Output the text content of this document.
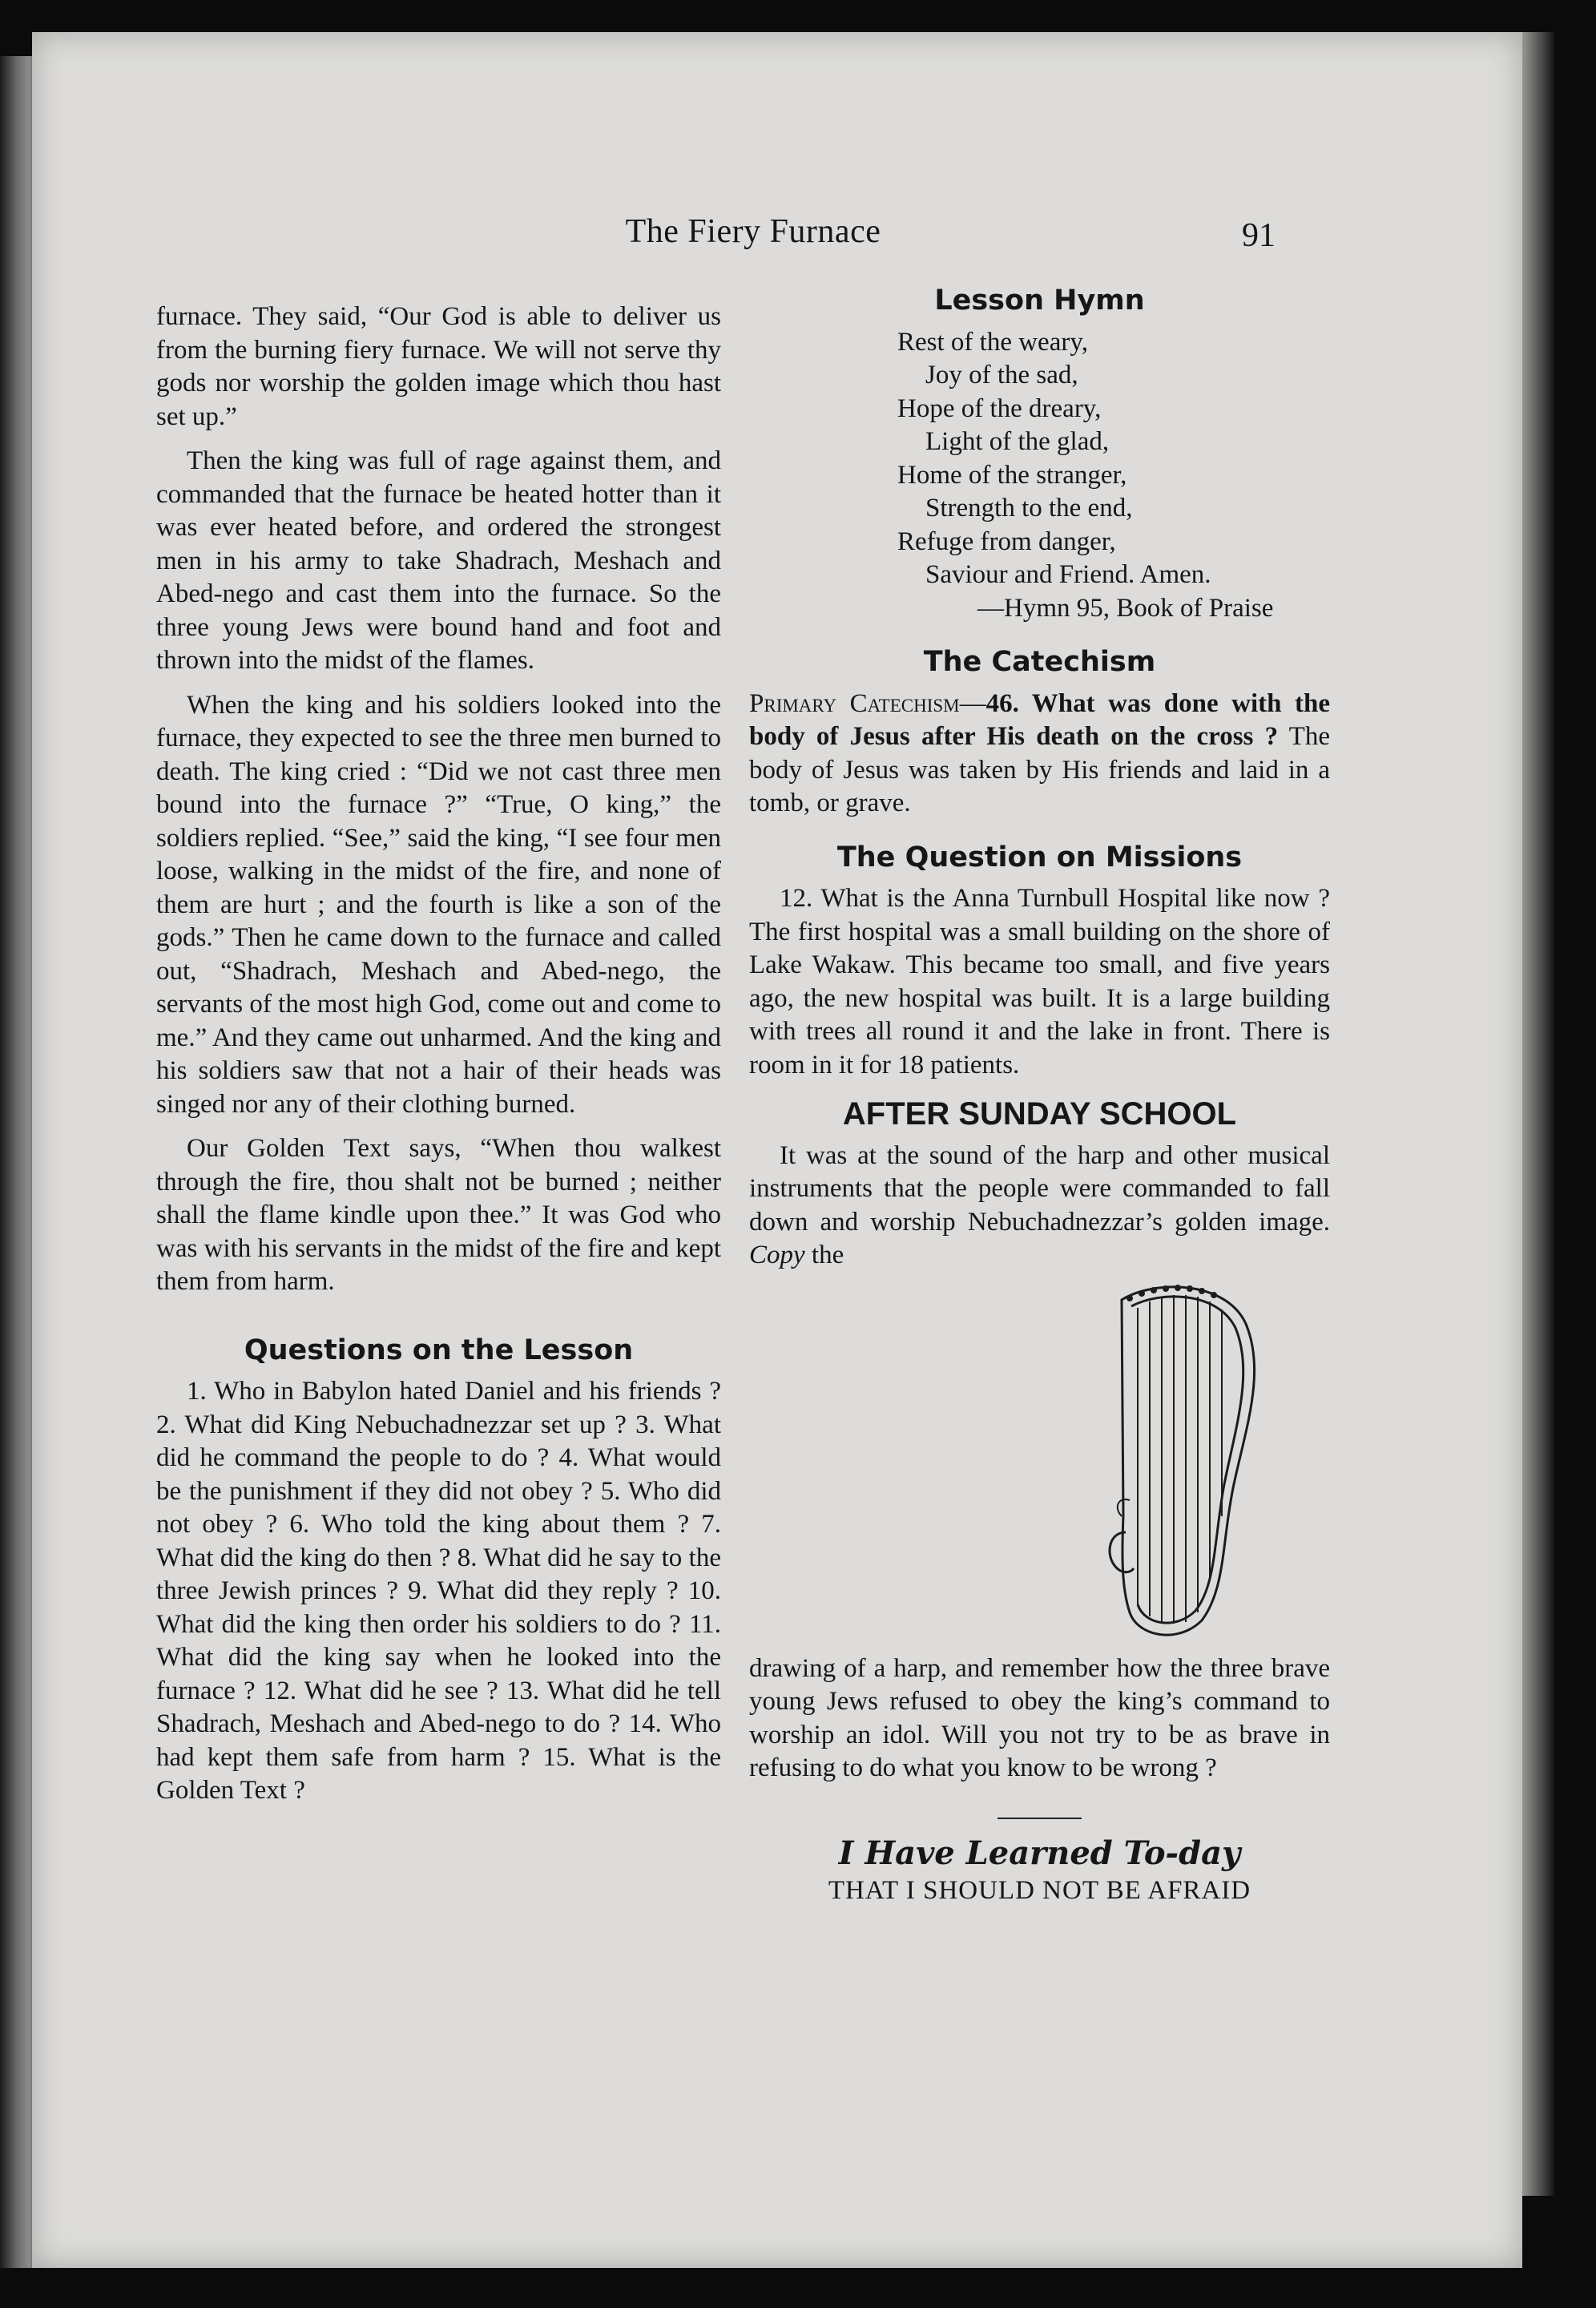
The Fiery Furnace	91

furnace. They said, “Our God is able to deliver us from the burning fiery furnace. We will not serve thy gods nor worship the golden image which thou hast set up.”

Then the king was full of rage against them, and commanded that the furnace be heated hotter than it was ever heated before, and ordered the strongest men in his army to take Shadrach, Meshach and Abed-nego and cast them into the furnace. So the three young Jews were bound hand and foot and thrown into the midst of the flames.

When the king and his soldiers looked into the furnace, they expected to see the three men burned to death. The king cried : “Did we not cast three men bound into the furnace ?” “True, O king,” the soldiers replied. “See,” said the king, “I see four men loose, walking in the midst of the fire, and none of them are hurt ; and the fourth is like a son of the gods.” Then he came down to the furnace and called out, “Shadrach, Meshach and Abed-nego, the servants of the most high God, come out and come to me.” And they came out unharmed. And the king and his soldiers saw that not a hair of their heads was singed nor any of their clothing burned.

Our Golden Text says, “When thou walkest through the fire, thou shalt not be burned ; neither shall the flame kindle upon thee.” It was God who was with his servants in the midst of the fire and kept them from harm.

Questions on the Lesson

1. Who in Babylon hated Daniel and his friends ? 2. What did King Nebuchadnezzar set up ? 3. What did he command the people to do ? 4. What would be the punishment if they did not obey ? 5. Who did not obey ? 6. Who told the king about them ? 7. What did the king do then ? 8. What did he say to the three Jewish princes ? 9. What did they reply ? 10. What did the king then order his soldiers to do ? 11. What did the king say when he looked into the furnace ? 12. What did he see ? 13. What did he tell Shadrach, Meshach and Abed-nego to do ? 14. Who had kept them safe from harm ? 15. What is the Golden Text ?

Lesson Hymn
Rest of the weary,
Joy of the sad,
Hope of the dreary,
Light of the glad,
Home of the stranger,
Strength to the end,
Refuge from danger,
Saviour and Friend. Amen.
—Hymn 95, Book of Praise
The Catechism

Primary Catechism—46. What was done with the body of Jesus after His death on the cross ? The body of Jesus was taken by His friends and laid in a tomb, or grave.

The Question on Missions

12. What is the Anna Turnbull Hospital like now ? The first hospital was a small building on the shore of Lake Wakaw. This became too small, and five years ago, the new hospital was built. It is a large building with trees all round it and the lake in front. There is room in it for 18 patients.

AFTER SUNDAY SCHOOL

It was at the sound of the harp and other musical instruments that the people were commanded to fall down and worship Nebuchadnezzar’s golden image. Copy the

drawing of a harp, and remember how the three brave young Jews refused to obey the king’s command to worship an idol. Will you not try to be as brave in refusing to do what you know to be wrong ?

I Have Learned To-day
THAT I SHOULD NOT BE AFRAID
